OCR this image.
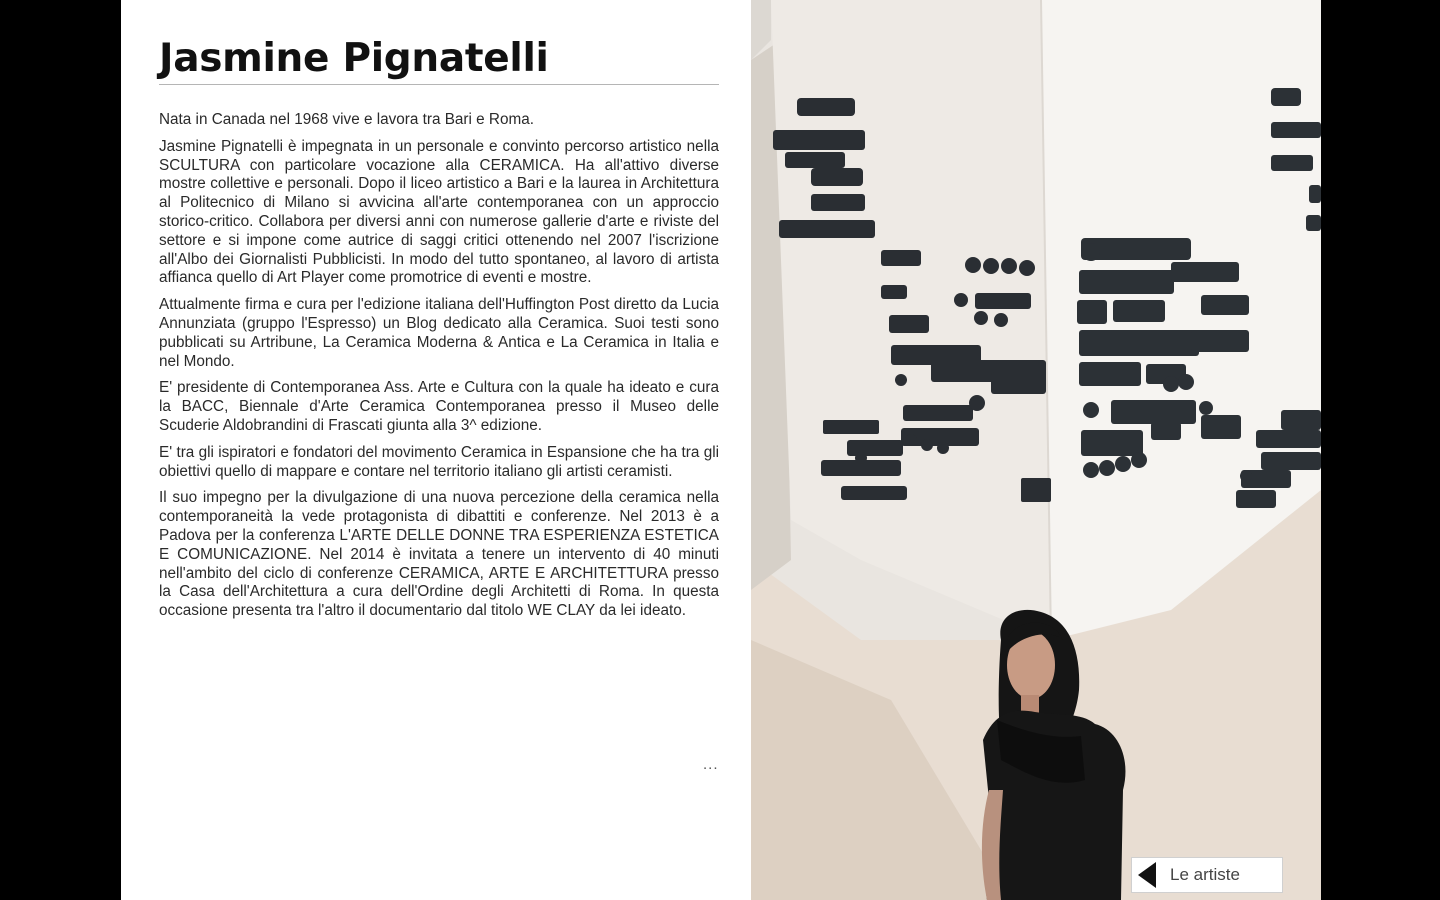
Jasmine Pignatelli

Nata in Canada nel 1968 vive e lavora tra Bari e Roma.

Jasmine Pignatelli è impegnata in un personale e convinto percorso artistico nella SCULTURA con particolare vocazione alla CERAMICA. Ha all'attivo diverse mostre collettive e personali. Dopo il liceo artistico a Bari e la laurea in Architettura al Politecnico di Milano si avvicina all'arte contemporanea con un approccio storico-critico. Collabora per diversi anni con numerose gallerie d'arte e riviste del settore e si impone come autrice di saggi critici ottenendo nel 2007 l'iscrizione all'Albo dei Giornalisti Pubblicisti. In modo del tutto spontaneo, al lavoro di artista affianca quello di Art Player come promotrice di eventi e mostre.

Attualmente firma e cura per l'edizione italiana dell'Huffington Post diretto da Lucia Annunziata (gruppo l'Espresso) un Blog dedicato alla Ceramica. Suoi testi sono pubblicati su Artribune, La Ceramica Moderna & Antica e La Ceramica in Italia e nel Mondo.

E' presidente di Contemporanea Ass. Arte e Cultura con la quale ha ideato e cura la BACC, Biennale d'Arte Ceramica Contemporanea presso il Museo delle Scuderie Aldobrandini di Frascati giunta alla 3^ edizione.

E' tra gli ispiratori e fondatori del movimento Ceramica in Espansione che ha tra gli obiettivi quello di mappare e contare nel territorio italiano gli artisti ceramisti.

Il suo impegno per la divulgazione di una nuova percezione della ceramica nella contemporaneità la vede protagonista di dibattiti e conferenze. Nel 2013 è a Padova per la conferenza L'ARTE DELLE DONNE TRA ESPERIENZA ESTETICA E COMUNICAZIONE. Nel 2014 è invitata a tenere un intervento di 40 minuti nell'ambito del ciclo di conferenze CERAMICA, ARTE E ARCHITETTURA presso la Casa dell'Architettura a cura dell'Ordine degli Architetti di Roma. In questa occasione presenta tra l'altro il documentario dal titolo WE CLAY da lei ideato.

...
Le artiste
